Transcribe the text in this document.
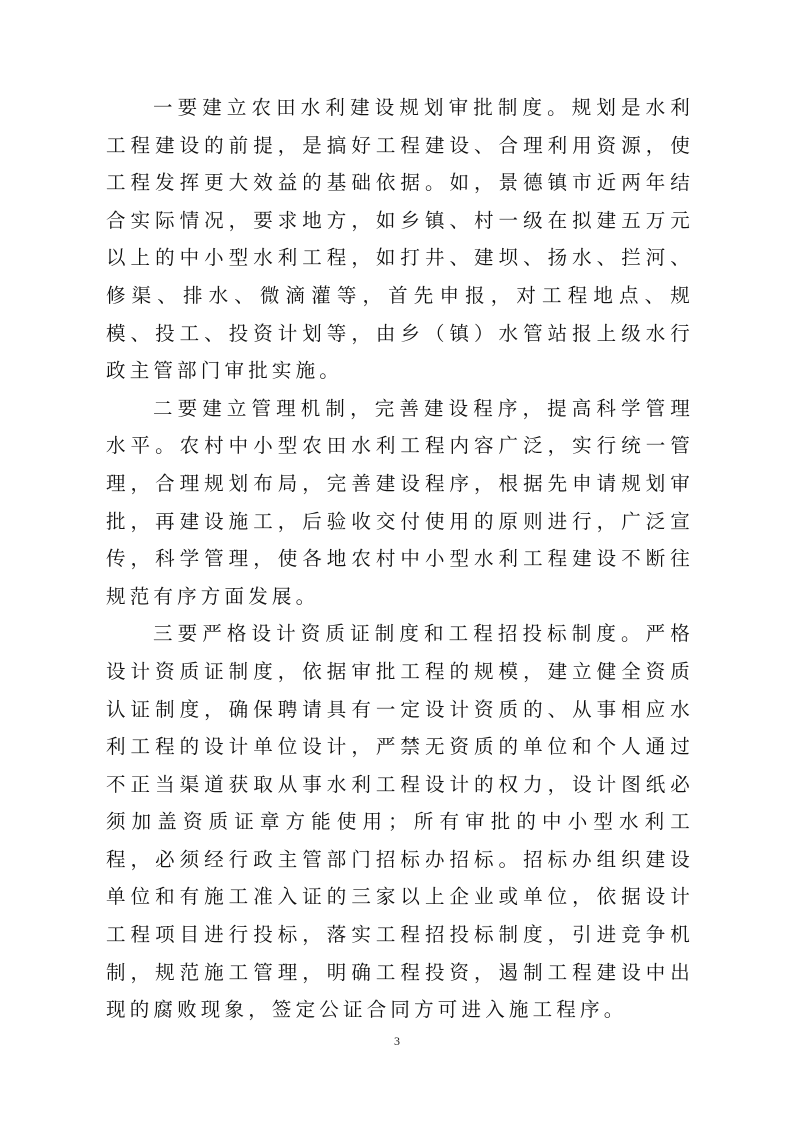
一要建立农田水利建设规划审批制度。规划是水利工程建设的前提，是搞好工程建设、合理利用资源，使工程发挥更大效益的基础依据。如，景德镇市近两年结合实际情况，要求地方，如乡镇、村一级在拟建五万元以上的中小型水利工程，如打井、建坝、扬水、拦河、修渠、排水、微滴灌等，首先申报，对工程地点、规模、投工、投资计划等，由乡（镇）水管站报上级水行政主管部门审批实施。

二要建立管理机制，完善建设程序，提高科学管理水平。农村中小型农田水利工程内容广泛，实行统一管理，合理规划布局，完善建设程序，根据先申请规划审批，再建设施工，后验收交付使用的原则进行，广泛宣传，科学管理，使各地农村中小型水利工程建设不断往规范有序方面发展。

三要严格设计资质证制度和工程招投标制度。严格设计资质证制度，依据审批工程的规模，建立健全资质认证制度，确保聘请具有一定设计资质的、从事相应水利工程的设计单位设计，严禁无资质的单位和个人通过不正当渠道获取从事水利工程设计的权力，设计图纸必须加盖资质证章方能使用；所有审批的中小型水利工程，必须经行政主管部门招标办招标。招标办组织建设单位和有施工准入证的三家以上企业或单位，依据设计工程项目进行投标，落实工程招投标制度，引进竞争机制，规范施工管理，明确工程投资，遏制工程建设中出现的腐败现象，签定公证合同方可进入施工程序。

3
